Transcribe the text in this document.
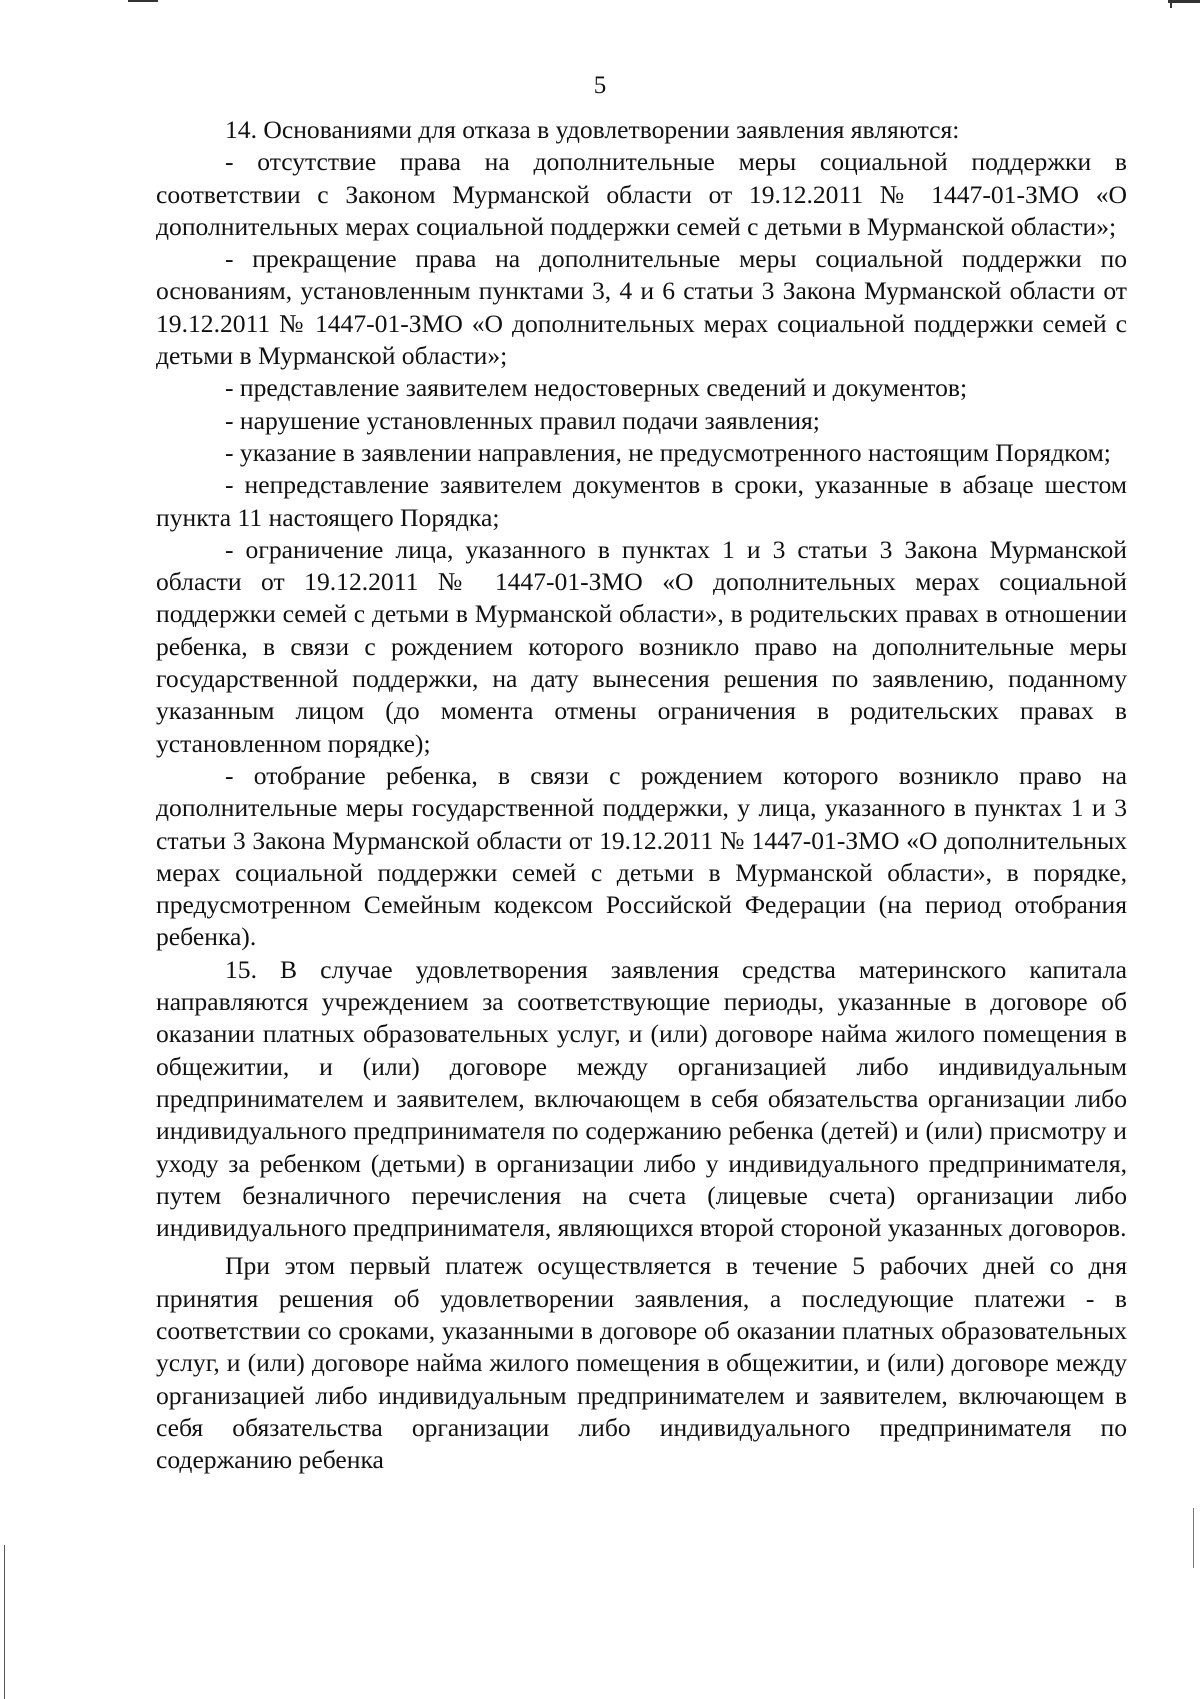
5

14. Основаниями для отказа в удовлетворении заявления являются:

- отсутствие права на дополнительные меры социальной поддержки в соответствии с Законом Мурманской области от 19.12.2011 № 1447-01-ЗМО «О дополнительных мерах социальной поддержки семей с детьми в Мурманской области»;

- прекращение права на дополнительные меры социальной поддержки по основаниям, установленным пунктами 3, 4 и 6 статьи 3 Закона Мурманской области от 19.12.2011 № 1447-01-ЗМО «О дополнительных мерах социальной поддержки семей с детьми в Мурманской области»;

- представление заявителем недостоверных сведений и документов;

- нарушение установленных правил подачи заявления;

- указание в заявлении направления, не предусмотренного настоящим Порядком;

- непредставление заявителем документов в сроки, указанные в абзаце шестом пункта 11 настоящего Порядка;

- ограничение лица, указанного в пунктах 1 и 3 статьи 3 Закона Мурманской области от 19.12.2011 № 1447-01-ЗМО «О дополнительных мерах социальной поддержки семей с детьми в Мурманской области», в родительских правах в отношении ребенка, в связи с рождением которого возникло право на дополнительные меры государственной поддержки, на дату вынесения решения по заявлению, поданному указанным лицом (до момента отмены ограничения в родительских правах в установленном порядке);

- отобрание ребенка, в связи с рождением которого возникло право на дополнительные меры государственной поддержки, у лица, указанного в пунктах 1 и 3 статьи 3 Закона Мурманской области от 19.12.2011 № 1447-01-ЗМО «О дополнительных мерах социальной поддержки семей с детьми в Мурманской области», в порядке, предусмотренном Семейным кодексом Российской Федерации (на период отобрания ребенка).

15. В случае удовлетворения заявления средства материнского капитала направляются учреждением за соответствующие периоды, указанные в договоре об оказании платных образовательных услуг, и (или) договоре найма жилого помещения в общежитии, и (или) договоре между организацией либо индивидуальным предпринимателем и заявителем, включающем в себя обязательства организации либо индивидуального предпринимателя по содержанию ребенка (детей) и (или) присмотру и уходу за ребенком (детьми) в организации либо у индивидуального предпринимателя, путем безналичного перечисления на счета (лицевые счета) организации либо индивидуального предпринимателя, являющихся второй стороной указанных договоров.

При этом первый платеж осуществляется в течение 5 рабочих дней со дня принятия решения об удовлетворении заявления, а последующие платежи - в соответствии со сроками, указанными в договоре об оказании платных образовательных услуг, и (или) договоре найма жилого помещения в общежитии, и (или) договоре между организацией либо индивидуальным предпринимателем и заявителем, включающем в себя обязательства организации либо индивидуального предпринимателя по содержанию ребенка
